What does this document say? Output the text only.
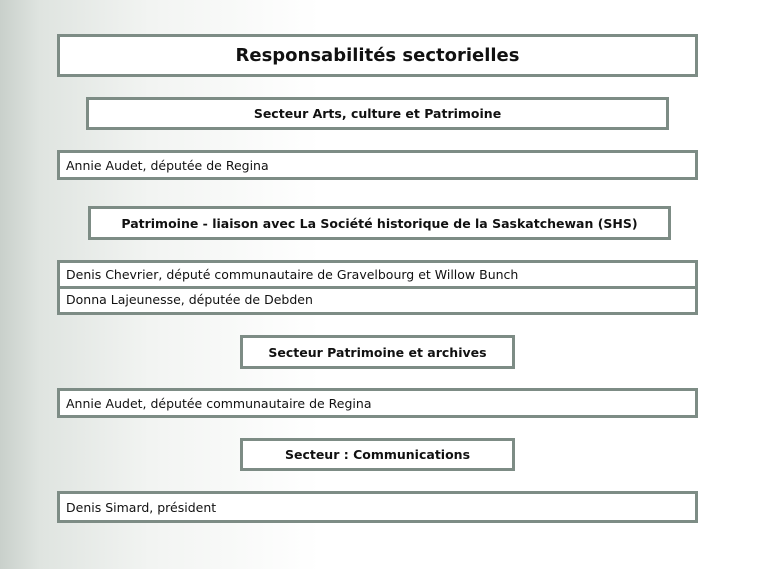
Responsabilités sectorielles
Secteur Arts, culture et Patrimoine
Annie Audet, députée de Regina
Patrimoine - liaison avec La Société historique de la Saskatchewan (SHS)
Denis Chevrier, député communautaire de Gravelbourg et Willow Bunch
Donna Lajeunesse, députée de Debden
Secteur Patrimoine et archives
Annie Audet, députée communautaire de Regina
Secteur : Communications
Denis Simard, président
